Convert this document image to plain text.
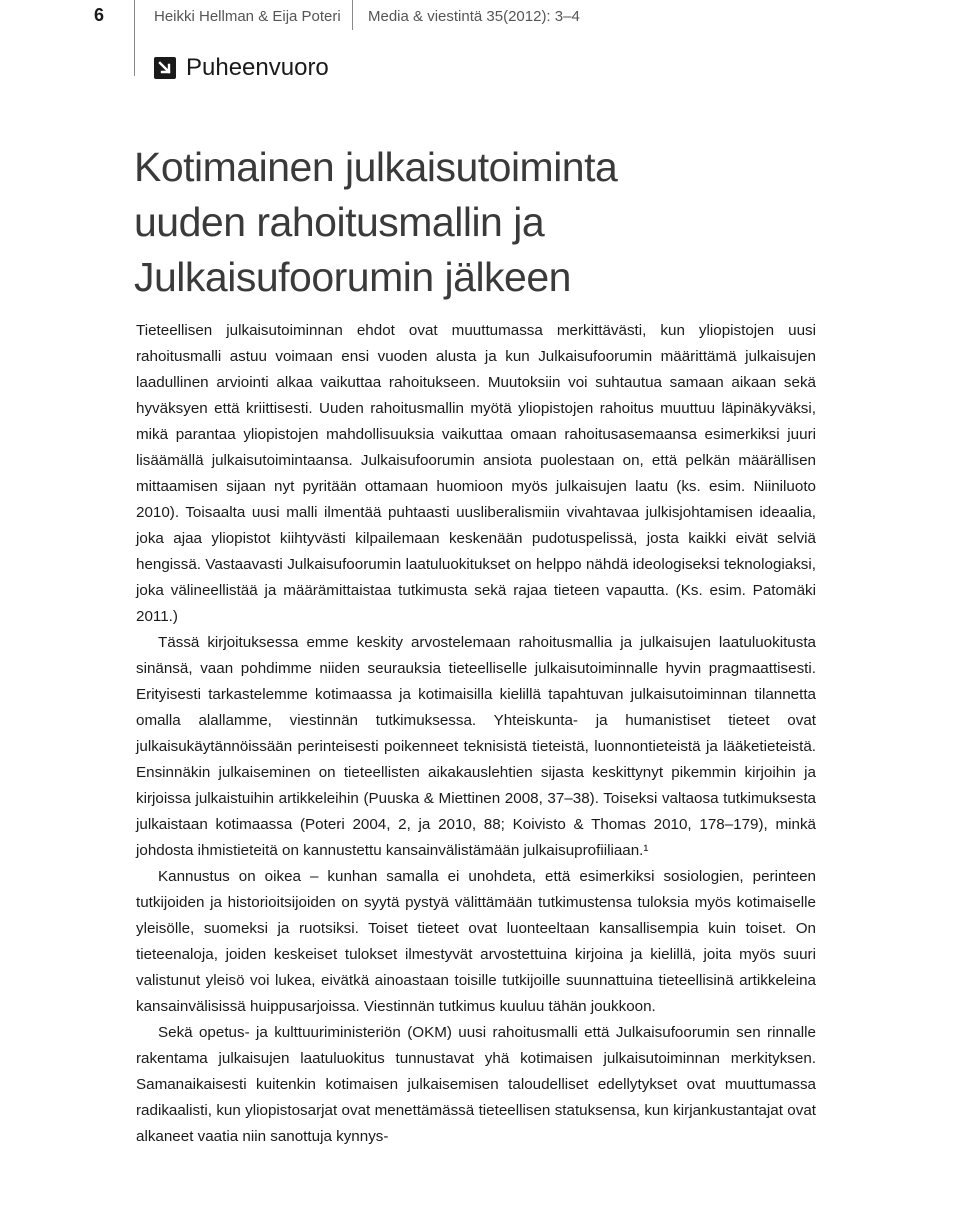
6	Heikki Hellman & Eija Poteri Media & viestintä 35(2012): 3–4
Puheenvuoro
Kotimainen julkaisutoiminta
uuden rahoitusmallin ja
Julkaisufoorumin jälkeen

Tieteellisen julkaisutoiminnan ehdot ovat muuttumassa merkittävästi, kun yliopistojen uusi rahoitusmalli astuu voimaan ensi vuoden alusta ja kun Julkaisufoorumin määrittämä julkaisujen laadullinen arviointi alkaa vaikuttaa rahoitukseen. Muutoksiin voi suhtautua samaan aikaan sekä hyväksyen että kriittisesti. Uuden rahoitusmallin myötä yliopistojen rahoitus muuttuu läpinäkyväksi, mikä parantaa yliopistojen mahdollisuuksia vaikuttaa omaan rahoitusasemaansa esimerkiksi juuri lisäämällä julkaisutoimintaansa. Julkaisufoorumin ansiota puolestaan on, että pelkän määrällisen mittaamisen sijaan nyt pyritään ottamaan huomioon myös julkaisujen laatu (ks. esim. Niiniluoto 2010). Toisaalta uusi malli ilmentää puhtaasti uusliberalismiin vivahtavaa julkisjohtamisen ideaalia, joka ajaa yliopistot kiihtyvästi kilpailemaan keskenään pudotuspelissä, josta kaikki eivät selviä hengissä. Vastaavasti Julkaisufoorumin laatuluokitukset on helppo nähdä ideologiseksi teknologiaksi, joka välineellistää ja määrämittaistaa tutkimusta sekä rajaa tieteen vapautta. (Ks. esim. Patomäki 2011.)

Tässä kirjoituksessa emme keskity arvostelemaan rahoitusmallia ja julkaisujen laatuluokitusta sinänsä, vaan pohdimme niiden seurauksia tieteelliselle julkaisutoiminnalle hyvin pragmaattisesti. Erityisesti tarkastelemme kotimaassa ja kotimaisilla kielillä tapahtuvan julkaisutoiminnan tilannetta omalla alallamme, viestinnän tutkimuksessa. Yhteiskunta- ja humanistiset tieteet ovat julkaisukäytännöissään perinteisesti poikenneet teknisistä tieteistä, luonnontieteistä ja lääketieteistä. Ensinnäkin julkaiseminen on tieteellisten aikakauslehtien sijasta keskittynyt pikemmin kirjoihin ja kirjoissa julkaistuihin artikkeleihin (Puuska & Miettinen 2008, 37–38). Toiseksi valtaosa tutkimuksesta julkaistaan kotimaassa (Poteri 2004, 2, ja 2010, 88; Koivisto & Thomas 2010, 178–179), minkä johdosta ihmistieteitä on kannustettu kansainvälistämään julkaisuprofiiliaan.¹

Kannustus on oikea – kunhan samalla ei unohdeta, että esimerkiksi sosiologien, perinteen tutkijoiden ja historioitsijoiden on syytä pystyä välittämään tutkimustensa tuloksia myös kotimaiselle yleisölle, suomeksi ja ruotsiksi. Toiset tieteet ovat luonteeltaan kansallisempia kuin toiset. On tieteenaloja, joiden keskeiset tulokset ilmestyvät arvostettuina kirjoina ja kielillä, joita myös suuri valistunut yleisö voi lukea, eivätkä ainoastaan toisille tutkijoille suunnattuina tieteellisinä artikkeleina kansainvälisissä huippusarjoissa. Viestinnän tutkimus kuuluu tähän joukkoon.

Sekä opetus- ja kulttuuriministeriön (OKM) uusi rahoitusmalli että Julkaisufoorumin sen rinnalle rakentama julkaisujen laatuluokitus tunnustavat yhä kotimaisen julkaisutoiminnan merkityksen. Samanaikaisesti kuitenkin kotimaisen julkaisemisen taloudelliset edellytykset ovat muuttumassa radikaalisti, kun yliopistosarjat ovat menettämässä tieteellisen statuksensa, kun kirjankustantajat ovat alkaneet vaatia niin sanottuja kynnys-
